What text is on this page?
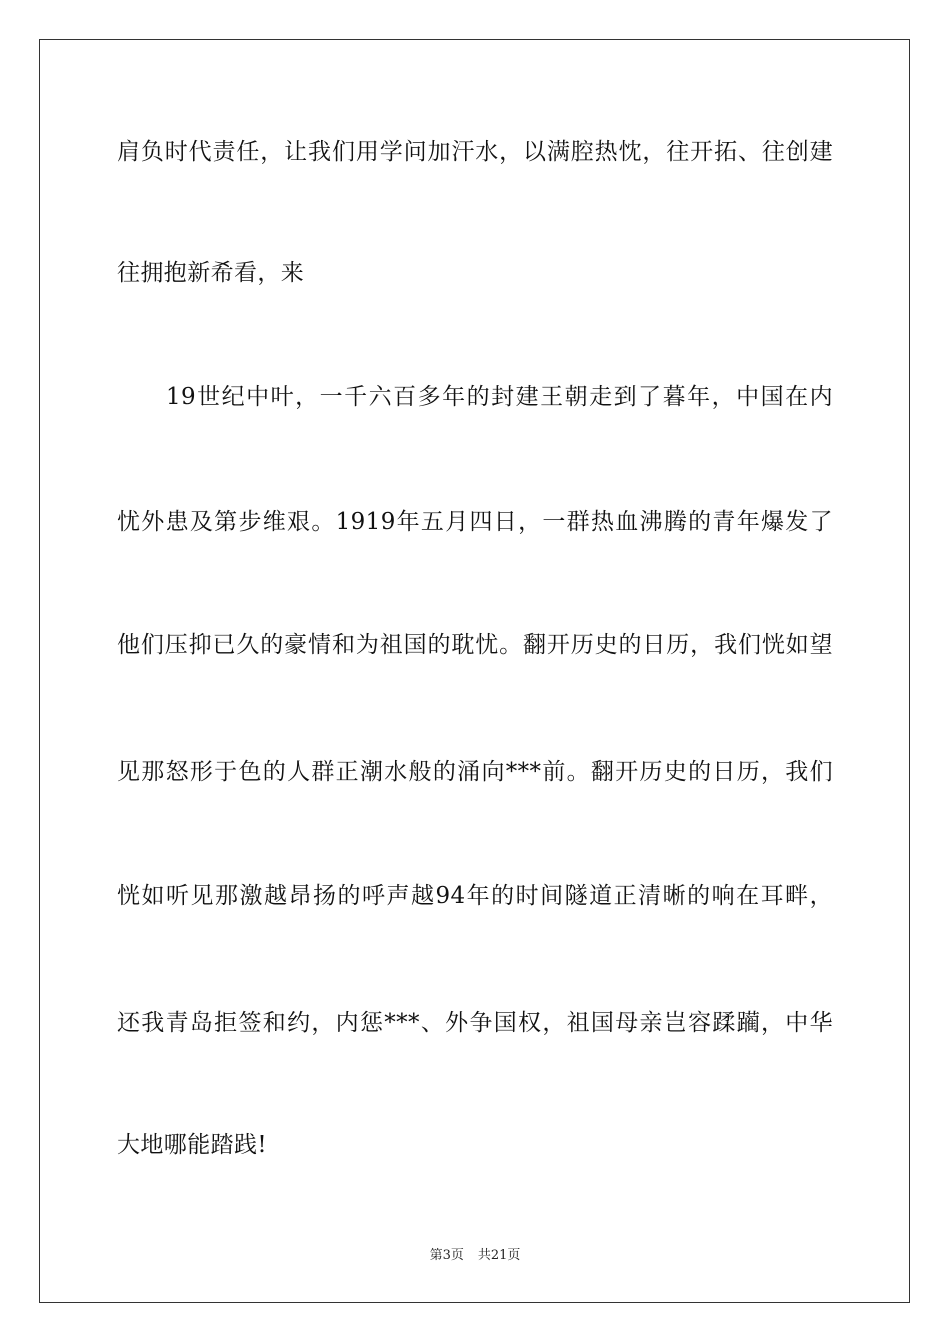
肩负时代责任，让我们用学问加汗水，以满腔热忱，往开拓、往创建
往拥抱新希看，来
　　19世纪中叶，一千六百多年的封建王朝走到了暮年，中国在内
忧外患及第步维艰。1919年五月四日，一群热血沸腾的青年爆发了
他们压抑已久的豪情和为祖国的耽忧。翻开历史的日历，我们恍如望
见那怒形于色的人群正潮水般的涌向***前。翻开历史的日历，我们
恍如听见那激越昂扬的呼声越94年的时间隧道正清晰的响在耳畔，
还我青岛拒签和约，内惩***、外争国权，祖国母亲岂容蹂躏，中华
大地哪能踏践!
第3页 共21页
